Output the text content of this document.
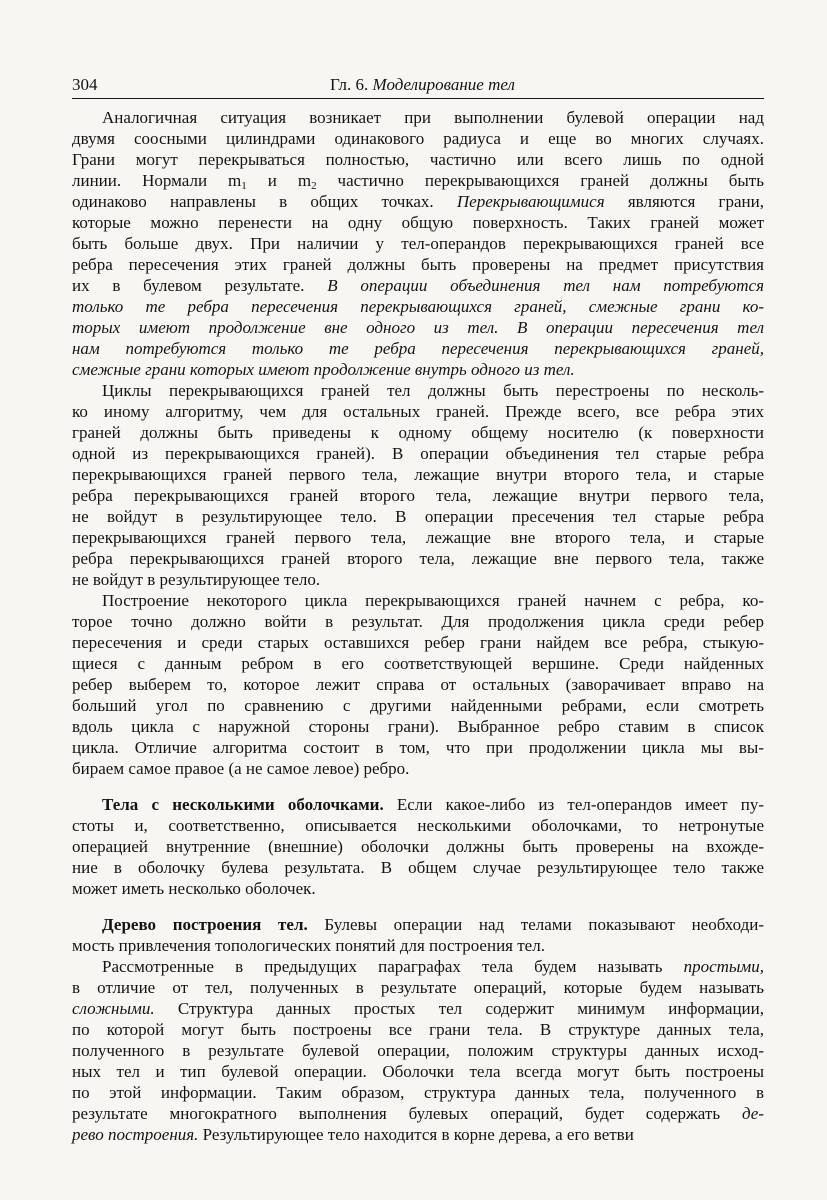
304	Гл. 6. Моделирование тел
Аналогичная ситуация возникает при выполнении булевой операции над
двумя соосными цилиндрами одинакового радиуса и еще во многих случаях.
Грани могут перекрываться полностью, частично или всего лишь по одной
линии. Нормали m1 и m2 частично перекрывающихся граней должны быть
одинаково направлены в общих точках. Перекрывающимися являются грани,
которые можно перенести на одну общую поверхность. Таких граней может
быть больше двух. При наличии у тел-операндов перекрывающихся граней все
ребра пересечения этих граней должны быть проверены на предмет присутствия
их в булевом результате. В операции объединения тел нам потребуются
только те ребра пересечения перекрывающихся граней, смежные грани ко-
торых имеют продолжение вне одного из тел. В операции пересечения тел
нам потребуются только те ребра пересечения перекрывающихся граней,
смежные грани которых имеют продолжение внутрь одного из тел.
Циклы перекрывающихся граней тел должны быть перестроены по несколь-
ко иному алгоритму, чем для остальных граней. Прежде всего, все ребра этих
граней должны быть приведены к одному общему носителю (к поверхности
одной из перекрывающихся граней). В операции объединения тел старые ребра
перекрывающихся граней первого тела, лежащие внутри второго тела, и старые
ребра перекрывающихся граней второго тела, лежащие внутри первого тела,
не войдут в результирующее тело. В операции пресечения тел старые ребра
перекрывающихся граней первого тела, лежащие вне второго тела, и старые
ребра перекрывающихся граней второго тела, лежащие вне первого тела, также
не войдут в результирующее тело.
Построение некоторого цикла перекрывающихся граней начнем с ребра, ко-
торое точно должно войти в результат. Для продолжения цикла среди ребер
пересечения и среди старых оставшихся ребер грани найдем все ребра, стыкую-
щиеся с данным ребром в его соответствующей вершине. Среди найденных
ребер выберем то, которое лежит справа от остальных (заворачивает вправо на
больший угол по сравнению с другими найденными ребрами, если смотреть
вдоль цикла с наружной стороны грани). Выбранное ребро ставим в список
цикла. Отличие алгоритма состоит в том, что при продолжении цикла мы вы-
бираем самое правое (а не самое левое) ребро.
Тела с несколькими оболочками. Если какое-либо из тел-операндов имеет пу-
стоты и, соответственно, описывается несколькими оболочками, то нетронутые
операцией внутренние (внешние) оболочки должны быть проверены на вхожде-
ние в оболочку булева результата. В общем случае результирующее тело также
может иметь несколько оболочек.
Дерево построения тел. Булевы операции над телами показывают необходи-
мость привлечения топологических понятий для построения тел.
Рассмотренные в предыдущих параграфах тела будем называть простыми,
в отличие от тел, полученных в результате операций, которые будем называть
сложными. Структура данных простых тел содержит минимум информации,
по которой могут быть построены все грани тела. В структуре данных тела,
полученного в результате булевой операции, положим структуры данных исход-
ных тел и тип булевой операции. Оболочки тела всегда могут быть построены
по этой информации. Таким образом, структура данных тела, полученного в
результате многократного выполнения булевых операций, будет содержать де-
рево построения. Результирующее тело находится в корне дерева, а его ветви
